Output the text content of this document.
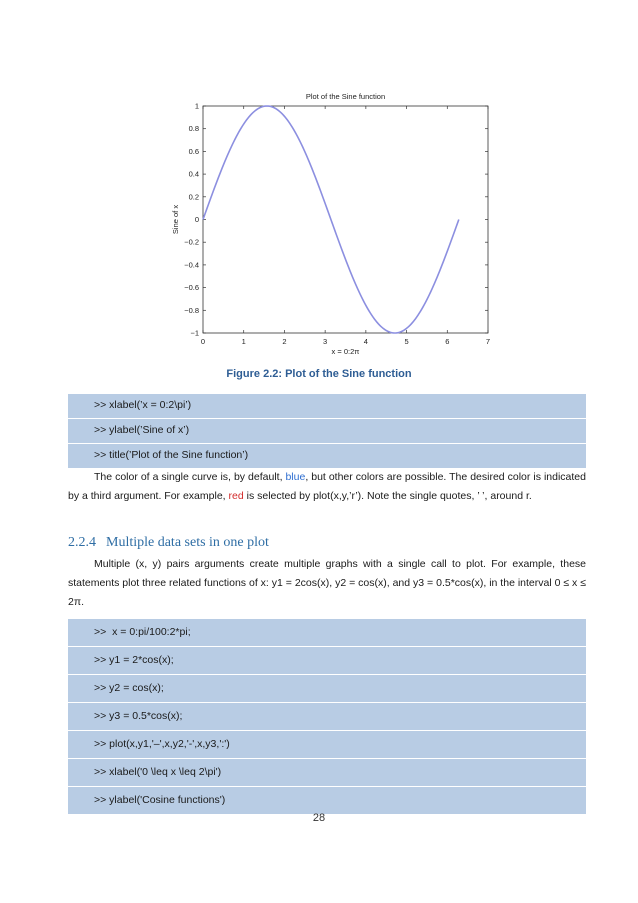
0	1	2	3	4	5	6	7
1
0.8
0.6
0.4
0.2
0
−0.2
−0.4
−0.6
−0.8
−1
Plot of the Sine function
x = 0:2π
Sine of x
Figure 2.2: Plot of the Sine function
>> xlabel(’x = 0:2\pi’)
>> ylabel(’Sine of x’)
>> title(’Plot of the Sine function’)
The color of a single curve is, by default, blue, but other colors are possible. The desired color is indicated by a third argument. For example, red is selected by plot(x,y,’r’). Note the single quotes, ’ ’, around r.
2.2.4 Multiple data sets in one plot
Multiple (x, y) pairs arguments create multiple graphs with a single call to plot. For example, these statements plot three related functions of x: y1 = 2cos(x), y2 = cos(x), and y3 = 0.5*cos(x), in the interval 0 ≤ x ≤ 2π.
>>  x = 0:pi/100:2*pi;
>> y1 = 2*cos(x);
>> y2 = cos(x);
>> y3 = 0.5*cos(x);
>> plot(x,y1,'–',x,y2,'-',x,y3,':')
>> xlabel('0 \leq x \leq 2\pi')
>> ylabel('Cosine functions')
28
